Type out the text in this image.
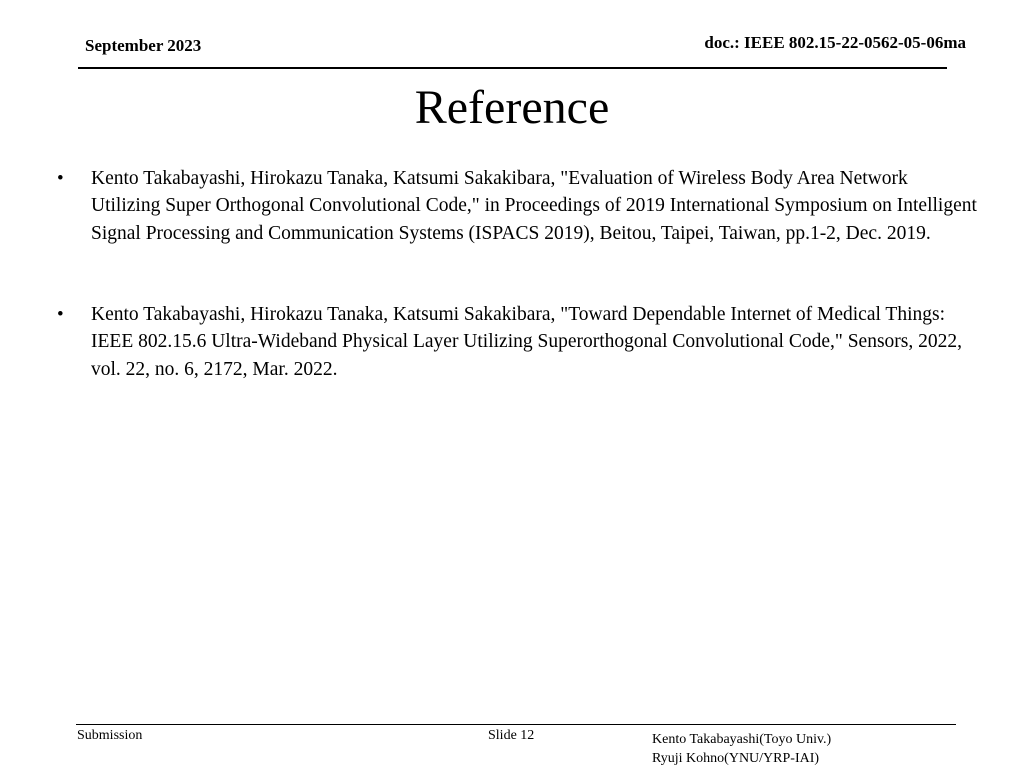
September 2023	doc.: IEEE 802.15-22-0562-05-06ma
Reference
• Kento Takabayashi, Hirokazu Tanaka, Katsumi Sakakibara, "Evaluation of Wireless Body Area Network Utilizing Super Orthogonal Convolutional Code," in Proceedings of 2019 International Symposium on Intelligent Signal Processing and Communication Systems (ISPACS 2019), Beitou, Taipei, Taiwan, pp.1-2, Dec. 2019.
• Kento Takabayashi, Hirokazu Tanaka, Katsumi Sakakibara, "Toward Dependable Internet of Medical Things: IEEE 802.15.6 Ultra-Wideband Physical Layer Utilizing Superorthogonal Convolutional Code," Sensors, 2022, vol. 22, no. 6, 2172, Mar. 2022.
Submission	Slide 12	Kento Takabayashi(Toyo Univ.)
Ryuji Kohno(YNU/YRP-IAI)
